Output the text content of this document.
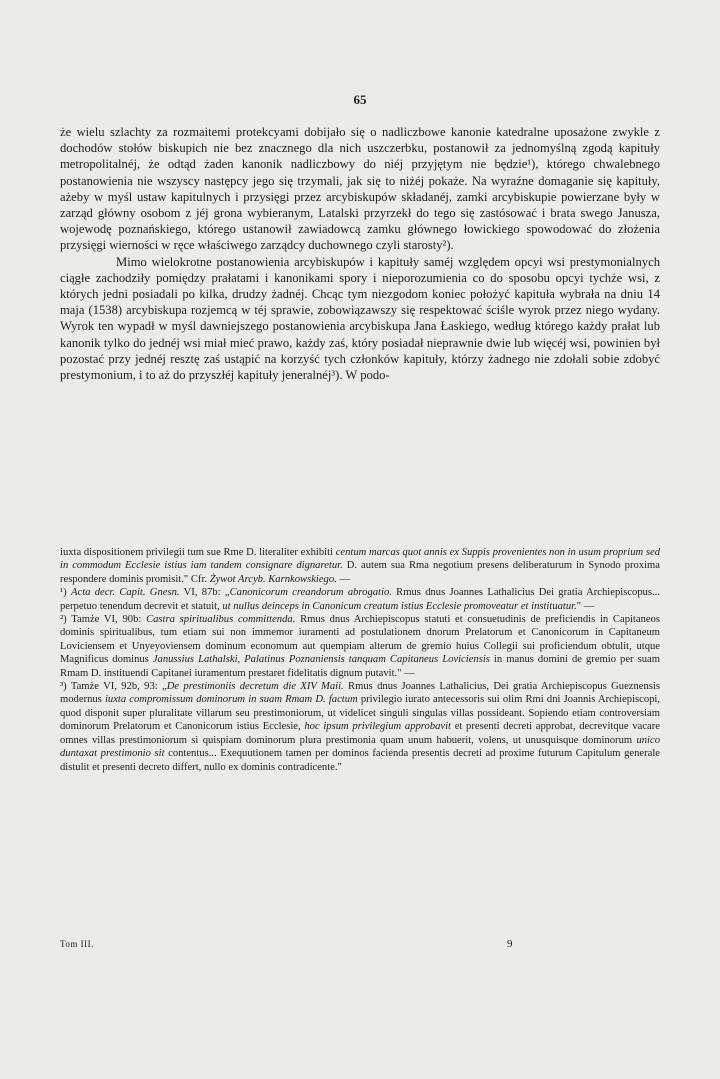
65

że wielu szlachty za rozmaitemi protekcyami dobijało się o nadliczbowe kanonie katedralne uposażone zwykle z dochodów stołów biskupich nie bez znacznego dla nich uszczerbku, postanowił za jednomyślną zgodą kapituły metropolitalnéj, że odtąd żaden kanonik nadliczbowy do niéj przyjętym nie będzie¹), którego chwalebnego postanowienia nie wszyscy następcy jego się trzymali, jak się to niżéj pokaże. Na wyraźne domaganie się kapituły, ażeby w myśl ustaw kapitulnych i przysięgi przez arcybiskupów składanéj, zamki arcybiskupie powierzane były w zarząd główny osobom z jéj grona wybieranym, Latalski przyrzekł do tego się zastósować i brata swego Janusza, wojewodę poznańskiego, którego ustanowił zawiadowcą zamku głównego łowickiego spowodować do złożenia przysięgi wierności w ręce właściwego zarządcy duchownego czyli starosty²).

Mimo wielokrotne postanowienia arcybiskupów i kapituły saméj względem opcyi wsi prestymonialnych ciągłe zachodziły pomiędzy prałatami i kanonikami spory i nieporozumienia co do sposobu opcyi tychże wsi, z których jedni posiadali po kilka, drudzy żadnéj. Chcąc tym niezgodom koniec położyć kapituła wybrała na dniu 14 maja (1538) arcybiskupa rozjemcą w téj sprawie, zobowiązawszy się respektować ściśle wyrok przez niego wydany. Wyrok ten wypadł w myśl dawniejszego postanowienia arcybiskupa Jana Łaskiego, według którego każdy prałat lub kanonik tylko do jednéj wsi miał mieć prawo, każdy zaś, który posiadał nieprawnie dwie lub więcéj wsi, powinien był pozostać przy jednéj resztę zaś ustąpić na korzyść tych członków kapituły, którzy żadnego nie zdołali sobie zdobyć prestymonium, i to aż do przyszłéj kapituły jeneralnéj³). W podo-

iuxta dispositionem privilegii tum sue Rme D. literaliter exhibiti centum marcas quot annis ex Suppis provenientes non in usum proprium sed in commodum Ecclesie istius iam tandem consignare dignaretur. D. autem sua Rma negotium presens deliberaturum in Synodo proxima respondere dominis promisit." Cfr. Żywot Arcyb. Karnkowskiego. —

¹) Acta decr. Capit. Gnesn. VI, 87b: „Canonicorum creandorum abrogatio. Rmus dnus Joannes Lathalicius Dei gratia Archiepiscopus... perpetuo tenendum decrevit et statuit, ut nullus deinceps in Canonicum creatum istius Ecclesie promoveatur et instituatur." —

²) Tamże VI, 90b: Castra spiritualibus committenda. Rmus dnus Archiepiscopus statuti et consuetudinis de preficiendis in Capitaneos dominis spiritualibus, tum etiam sui non immemor iuramenti ad postulationem dnorum Prelatorum et Canonicorum in Capitaneum Loviciensem et Unyeyoviensem dominum economum aut quempiam alterum de gremio huius Collegii sui proficiendum obtulit, utque Magnificus dominus Janussius Lathalski, Palatinus Poznaniensis tanquam Capitaneus Loviciensis in manus domini de gremio per suam Rmam D. instituendi Capitanei iuramentum prestaret fidelitatis dignum putavit." —

³) Tamże VI, 92b, 93: „De prestimoniis decretum die XIV Maii. Rmus dnus Joannes Lathalicius, Dei gratia Archiepiscopus Gueznensis modernus iuxta compromissum dominorum in suam Rmam D. factum privilegio iurato antecessoris sui olim Rmi dni Joannis Archiepiscopi, quod disponit super pluralitate villarum seu prestimoniorum, ut videlicet singuli singulas villas possideant. Sopiendo etiam controversiam dominorum Prelatorum et Canonicorum istius Ecclesie, hoc ipsum privilegium approbavit et presenti decreti approbat, decrevitque vacare omnes villas prestimoniorum si quispiam dominorum plura prestimonia quam unum habuerit, volens, ut unusquisque dominorum unico duntaxat prestimonio sit contentus... Exequutionem tamen per dominos facienda presentis decreti ad proxime futurum Capitulum generale distulit et presenti decreto differt, nullo ex dominis contradicente."

Tom III.	9
